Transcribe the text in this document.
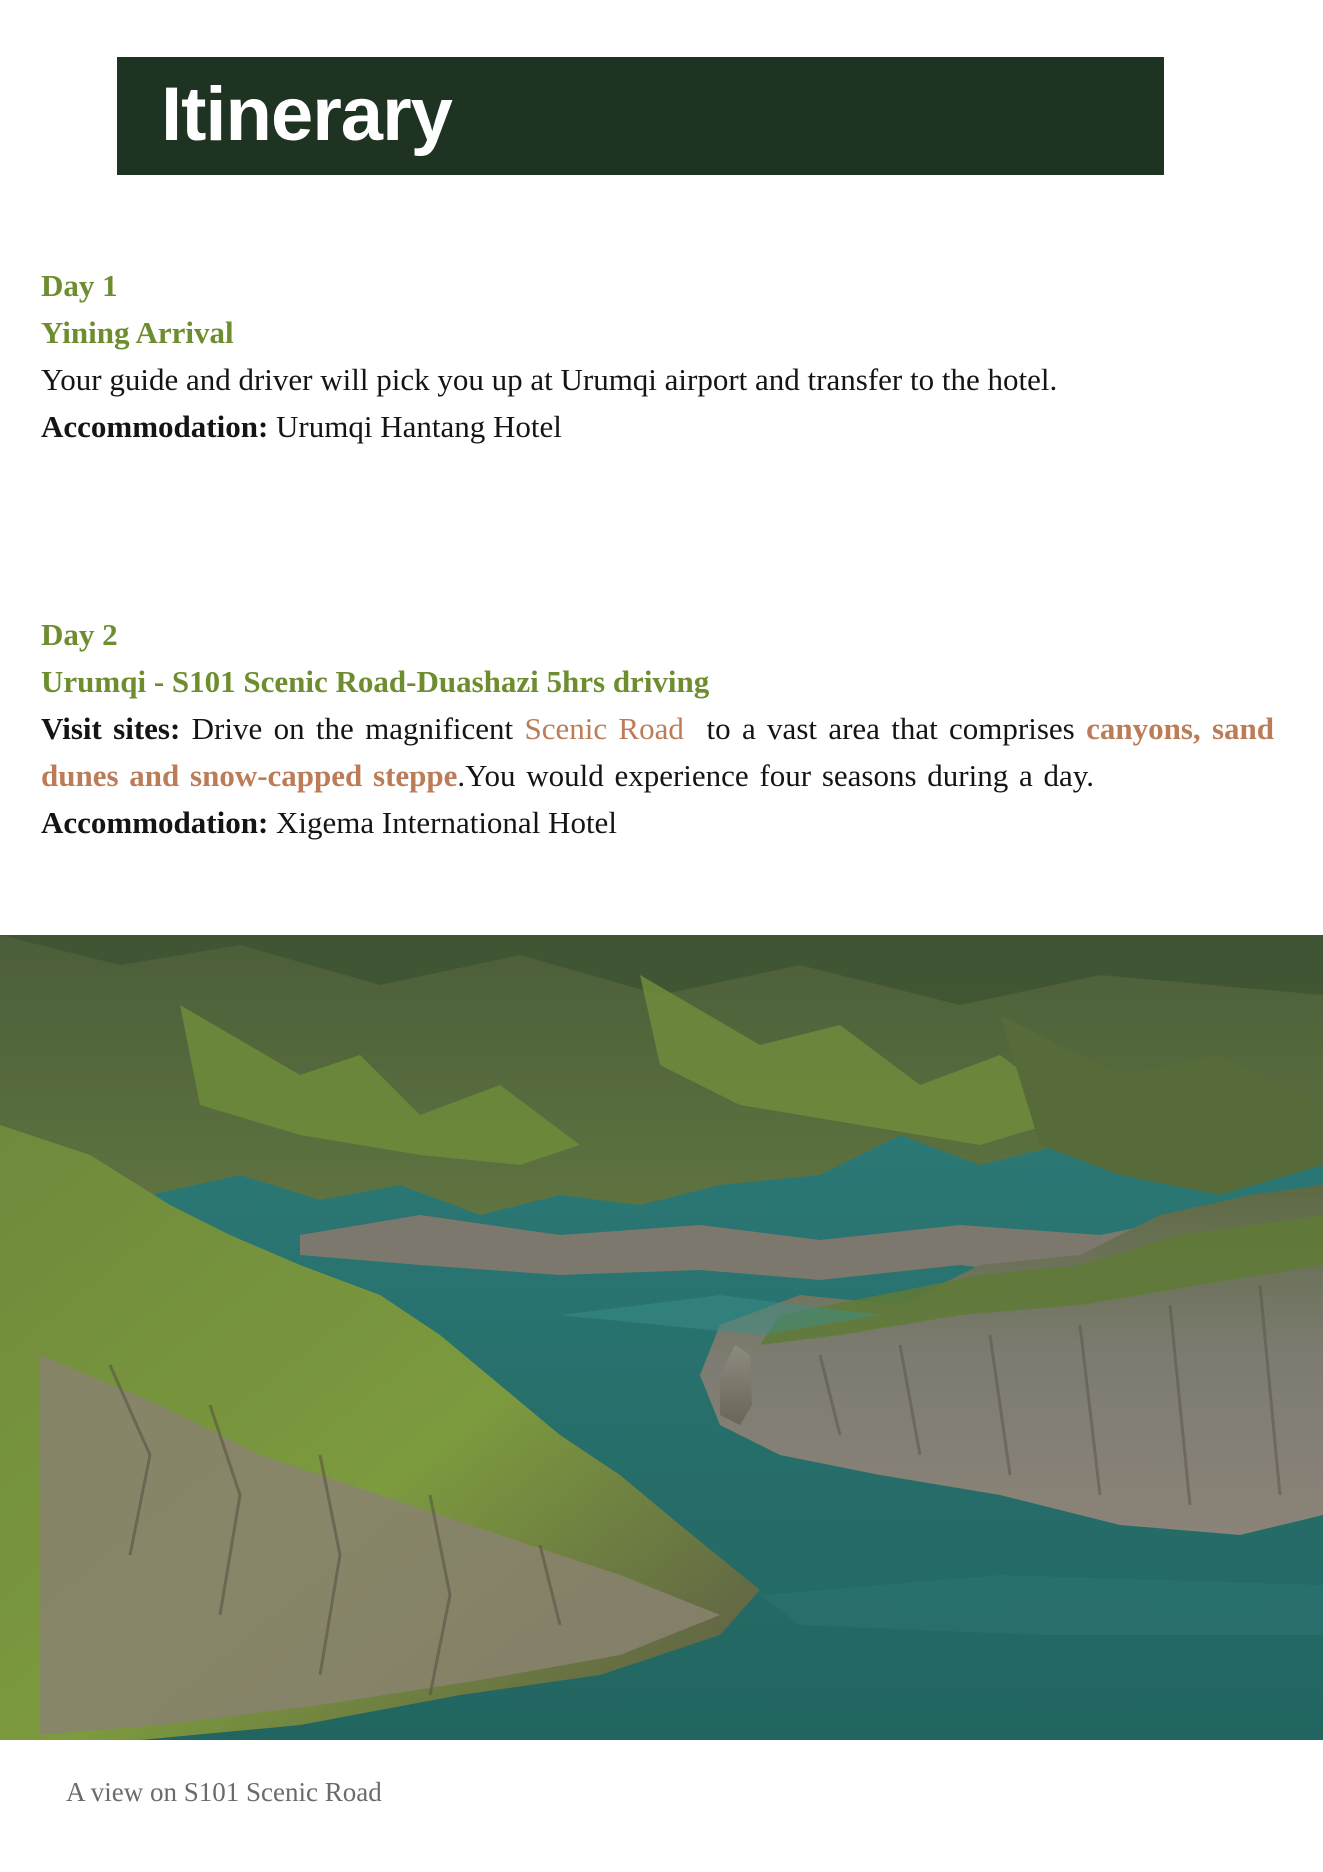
Itinerary
Day 1
Yining Arrival
Your guide and driver will pick you up at Urumqi airport and transfer to the hotel.
Accommodation: Urumqi Hantang Hotel
Day 2
Urumqi - S101 Scenic Road-Duashazi 5hrs driving
Visit sites: Drive on the magnificent Scenic Road to a vast area that comprises canyons, sand dunes and snow-capped steppe.You would experience four seasons during a day.
Accommodation: Xigema International Hotel
A view on S101 Scenic Road
